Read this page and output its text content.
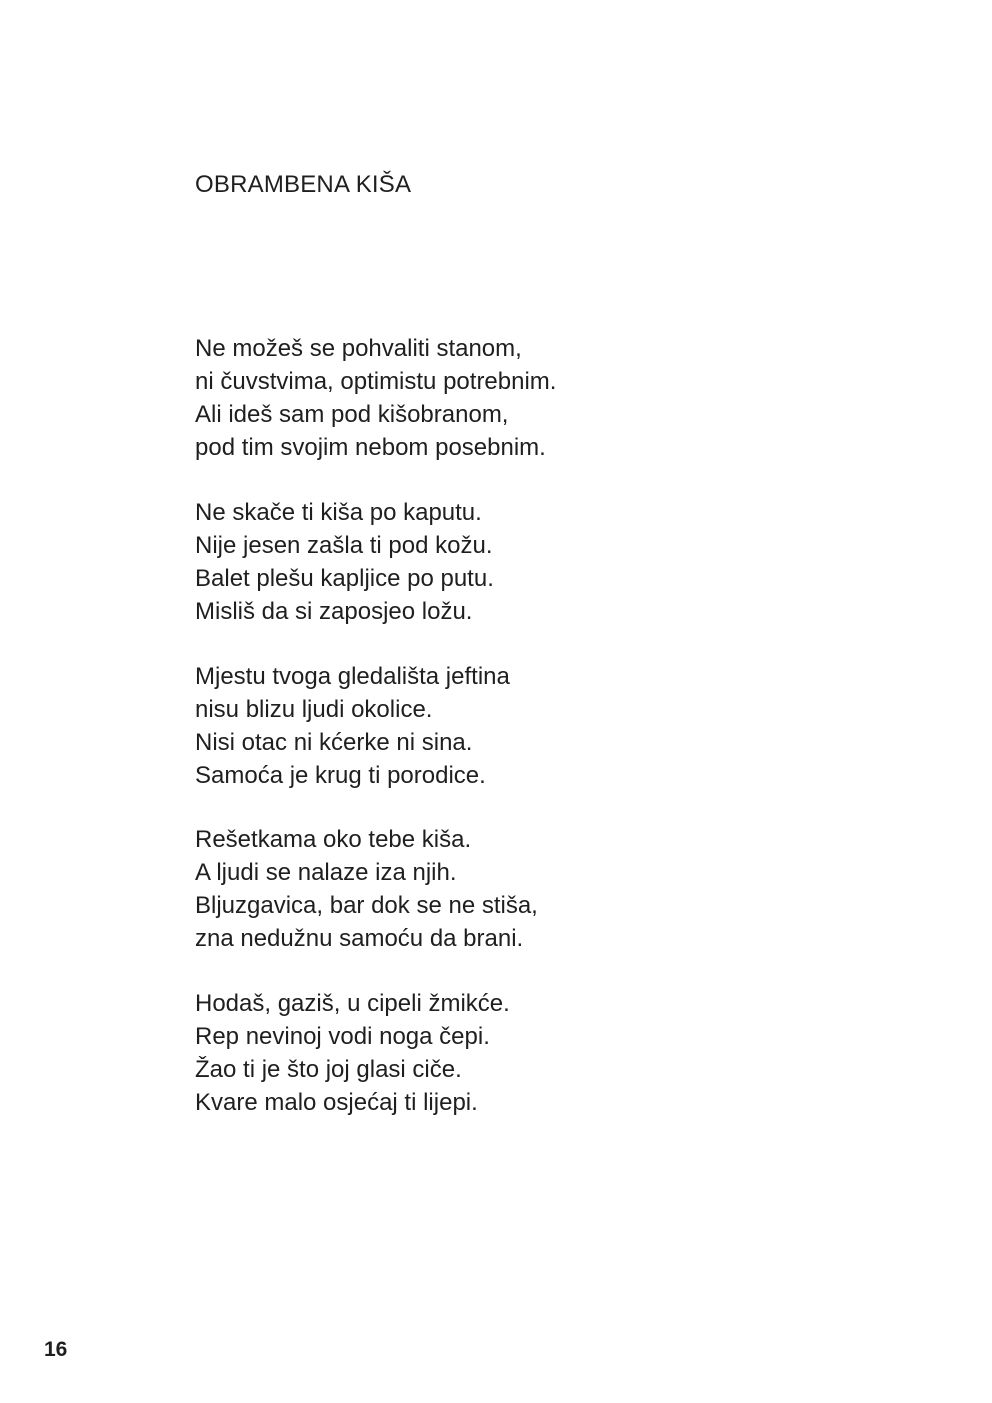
OBRAMBENA KIŠA
Ne možeš se pohvaliti stanom,
ni čuvstvima, optimistu potrebnim.
Ali ideš sam pod kišobranom,
pod tim svojim nebom posebnim.
Ne skače ti kiša po kaputu.
Nije jesen zašla ti pod kožu.
Balet plešu kapljice po putu.
Misliš da si zaposjeo ložu.
Mjestu tvoga gledališta jeftina
nisu blizu ljudi okolice.
Nisi otac ni kćerke ni sina.
Samoća je krug ti porodice.
Rešetkama oko tebe kiša.
A ljudi se nalaze iza njih.
Bljuzgavica, bar dok se ne stiša,
zna nedužnu samoću da brani.
Hodaš, gaziš, u cipeli žmikće.
Rep nevinoj vodi noga čepi.
Žao ti je što joj glasi ciče.
Kvare malo osjećaj ti lijepi.
16
